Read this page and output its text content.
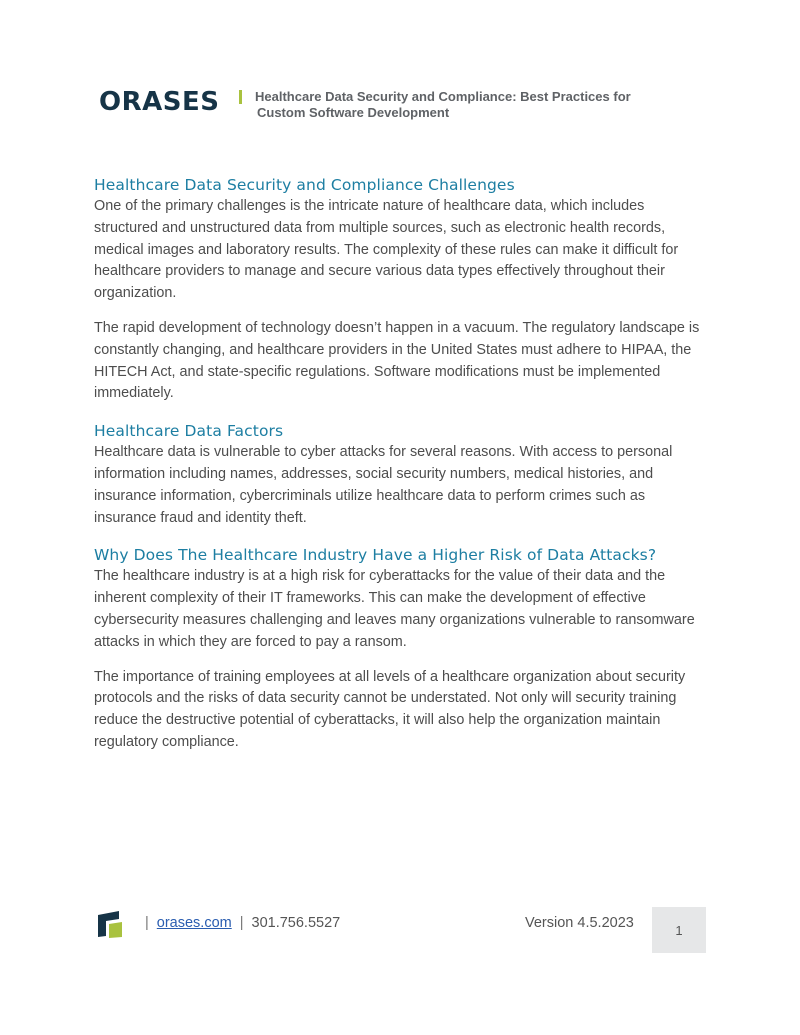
ORASES	Healthcare Data Security and Compliance: Best Practices for
Custom Software Development
Healthcare Data Security and Compliance Challenges

One of the primary challenges is the intricate nature of healthcare data, which includes structured and unstructured data from multiple sources, such as electronic health records, medical images and laboratory results. The complexity of these rules can make it difficult for healthcare providers to manage and secure various data types effectively throughout their organization.

The rapid development of technology doesn’t happen in a vacuum. The regulatory landscape is constantly changing, and healthcare providers in the United States must adhere to HIPAA, the HITECH Act, and state-specific regulations. Software modifications must be implemented immediately.

Healthcare Data Factors

Healthcare data is vulnerable to cyber attacks for several reasons. With access to personal information including names, addresses, social security numbers, medical histories, and insurance information, cybercriminals utilize healthcare data to perform crimes such as insurance fraud and identity theft.

Why Does The Healthcare Industry Have a Higher Risk of Data Attacks?

The healthcare industry is at a high risk for cyberattacks for the value of their data and the inherent complexity of their IT frameworks. This can make the development of effective cybersecurity measures challenging and leaves many organizations vulnerable to ransomware attacks in which they are forced to pay a ransom.

The importance of training employees at all levels of a healthcare organization about security protocols and the risks of data security cannot be understated. Not only will security training reduce the destructive potential of cyberattacks, it will also help the organization maintain regulatory compliance.

| orases.com | 301.756.5527	Version 4.5.2023	1
